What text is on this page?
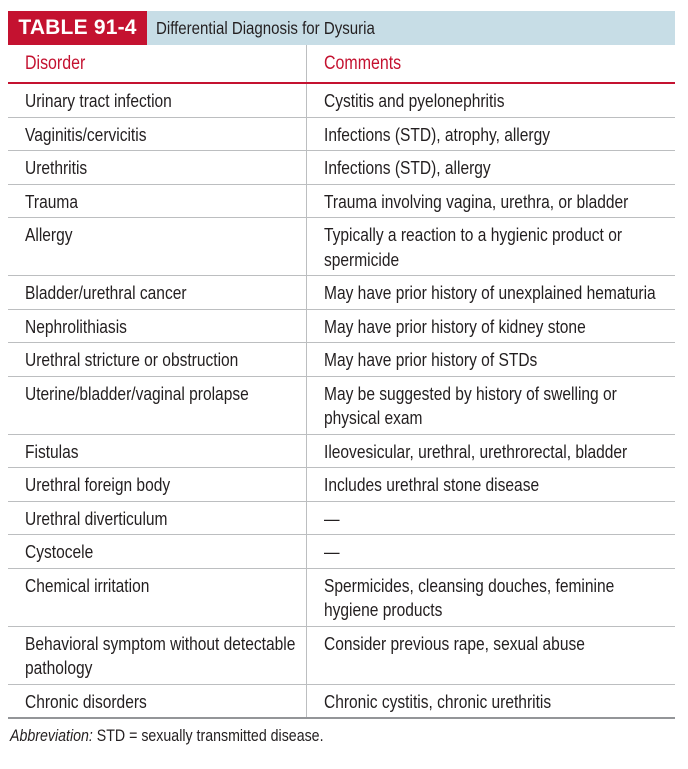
TABLE 91-4	Differential Diagnosis for Dysuria
Disorder	Comments

Urinary tract infection	Cystitis and pyelonephritis

Vaginitis/cervicitis	Infections (STD), atrophy, allergy

Urethritis	Infections (STD), allergy

Trauma	Trauma involving vagina, urethra, or bladder

Allergy	Typically a reaction to a hygienic product or spermicide

Bladder/urethral cancer	May have prior history of unexplained hematuria

Nephrolithiasis	May have prior history of kidney stone

Urethral stricture or obstruction	May have prior history of STDs

Uterine/bladder/vaginal prolapse	May be suggested by history of swelling or physical exam

Fistulas	Ileovesicular, urethral, urethrorectal, bladder

Urethral foreign body	Includes urethral stone disease

Urethral diverticulum	—

Cystocele	—

Chemical irritation	Spermicides, cleansing douches, feminine hygiene products

Behavioral symptom without detectable pathology	Consider previous rape, sexual abuse

Chronic disorders	Chronic cystitis, chronic urethritis
Abbreviation: STD = sexually transmitted disease.
